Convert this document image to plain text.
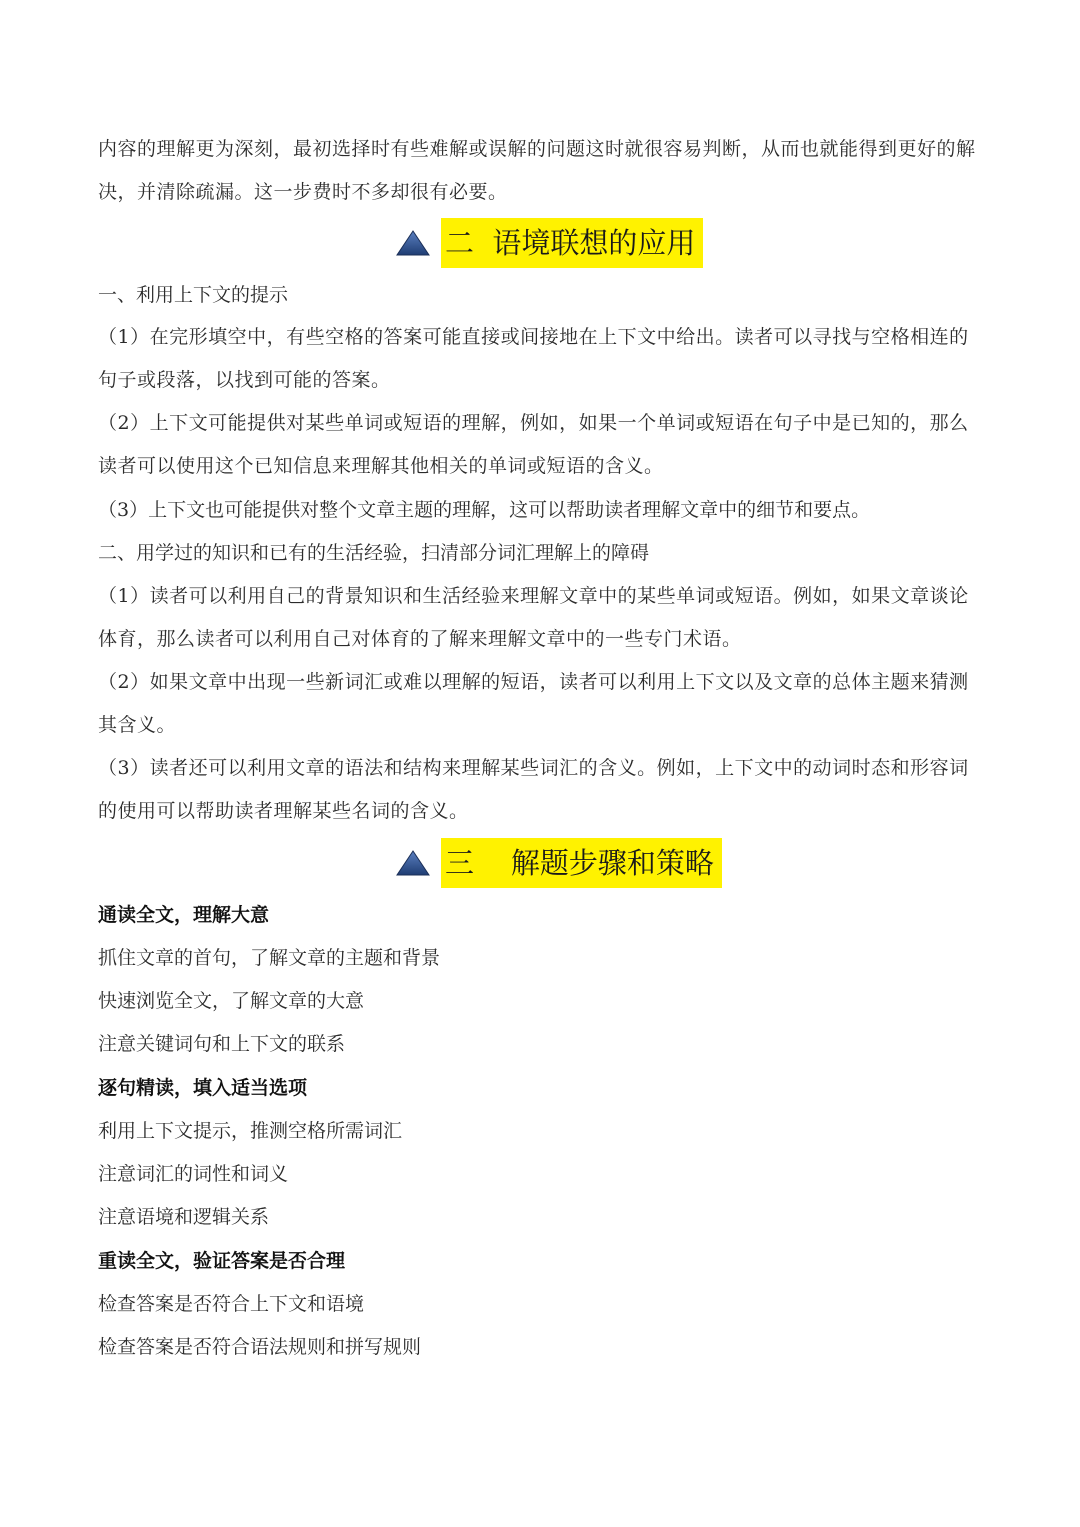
内容的理解更为深刻，最初选择时有些难解或误解的问题这时就很容易判断，从而也就能得到更好的解决，并清除疏漏。这一步费时不多却很有必要。
二  语境联想的应用
一、利用上下文的提示
（1）在完形填空中，有些空格的答案可能直接或间接地在上下文中给出。读者可以寻找与空格相连的句子或段落，以找到可能的答案。
（2）上下文可能提供对某些单词或短语的理解，例如，如果一个单词或短语在句子中是已知的，那么读者可以使用这个已知信息来理解其他相关的单词或短语的含义。
（3）上下文也可能提供对整个文章主题的理解，这可以帮助读者理解文章中的细节和要点。
二、用学过的知识和已有的生活经验，扫清部分词汇理解上的障碍
（1）读者可以利用自己的背景知识和生活经验来理解文章中的某些单词或短语。例如，如果文章谈论体育，那么读者可以利用自己对体育的了解来理解文章中的一些专门术语。
（2）如果文章中出现一些新词汇或难以理解的短语，读者可以利用上下文以及文章的总体主题来猜测其含义。
（3）读者还可以利用文章的语法和结构来理解某些词汇的含义。例如，上下文中的动词时态和形容词的使用可以帮助读者理解某些名词的含义。
三    解题步骤和策略
通读全文，理解大意
抓住文章的首句，了解文章的主题和背景
快速浏览全文，了解文章的大意
注意关键词句和上下文的联系
逐句精读，填入适当选项
利用上下文提示，推测空格所需词汇
注意词汇的词性和词义
注意语境和逻辑关系
重读全文，验证答案是否合理
检查答案是否符合上下文和语境
检查答案是否符合语法规则和拼写规则
